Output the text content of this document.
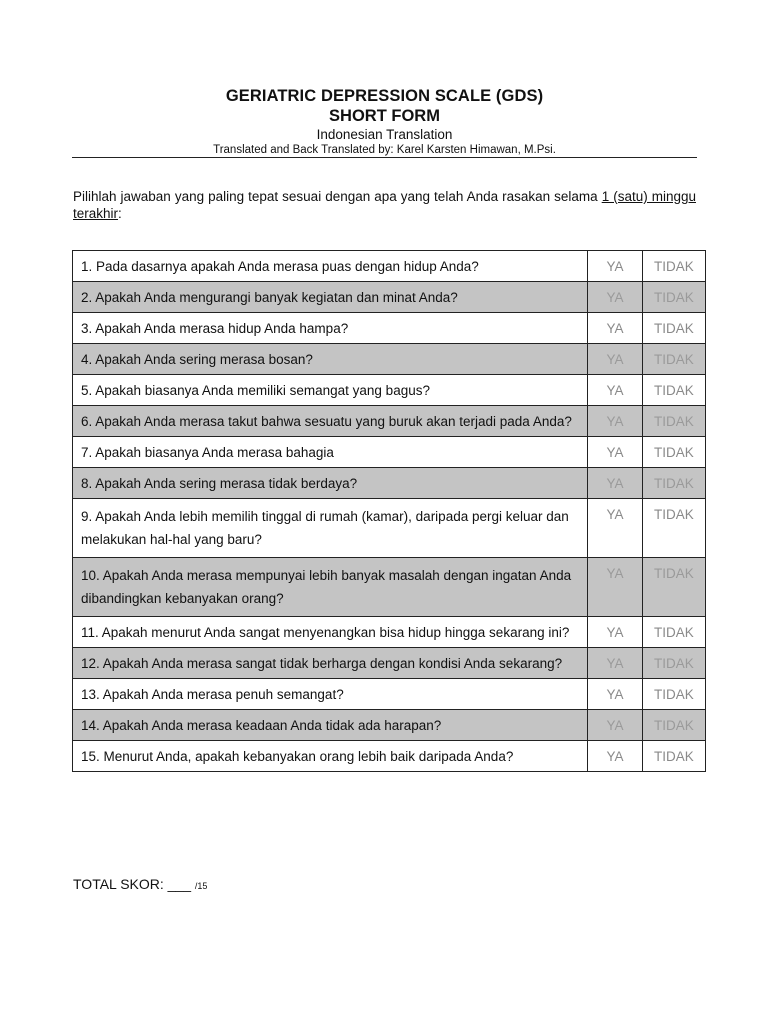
GERIATRIC DEPRESSION SCALE (GDS)
SHORT FORM
Indonesian Translation
Translated and Back Translated by: Karel Karsten Himawan, M.Psi.
Pilihlah jawaban yang paling tepat sesuai dengan apa yang telah Anda rasakan selama 1 (satu) minggu terakhir:
1. Pada dasarnya apakah Anda merasa puas dengan hidup Anda?	YA	TIDAK
2. Apakah Anda mengurangi banyak kegiatan dan minat Anda?	YA	TIDAK
3. Apakah Anda merasa hidup Anda hampa?	YA	TIDAK
4. Apakah Anda sering merasa bosan?	YA	TIDAK
5. Apakah biasanya Anda memiliki semangat yang bagus?	YA	TIDAK
6. Apakah Anda merasa takut bahwa sesuatu yang buruk akan terjadi pada Anda?	YA	TIDAK
7. Apakah biasanya Anda merasa bahagia	YA	TIDAK
8. Apakah Anda sering merasa tidak berdaya?	YA	TIDAK
9. Apakah Anda lebih memilih tinggal di rumah (kamar), daripada pergi keluar dan melakukan hal-hal yang baru?	YA	TIDAK
10. Apakah Anda merasa mempunyai lebih banyak masalah dengan ingatan Anda dibandingkan kebanyakan orang?	YA	TIDAK
11. Apakah menurut Anda sangat menyenangkan bisa hidup hingga sekarang ini?	YA	TIDAK
12. Apakah Anda merasa sangat tidak berharga dengan kondisi Anda sekarang?	YA	TIDAK
13. Apakah Anda merasa penuh semangat?	YA	TIDAK
14. Apakah Anda merasa keadaan Anda tidak ada harapan?	YA	TIDAK
15. Menurut Anda, apakah kebanyakan orang lebih baik daripada Anda?	YA	TIDAK
TOTAL SKOR: ___ /15
